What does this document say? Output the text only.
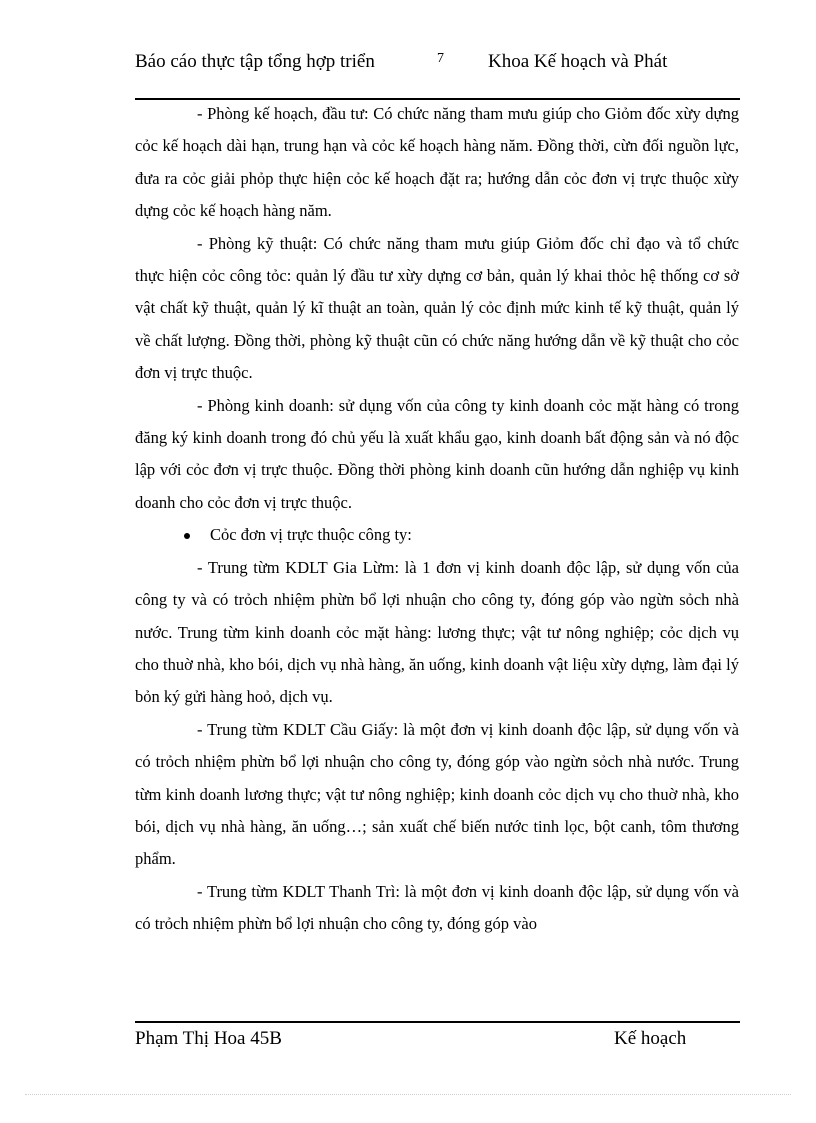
Báo cáo thực tập tổng hợp triển	7 Khoa Kế hoạch và Phát

- Phòng kế hoạch, đầu tư: Có chức năng tham mưu giúp cho Giỏm đốc xừy dựng cỏc kế hoạch dài hạn, trung hạn và cỏc kế hoạch hàng năm. Đồng thời, cừn đối nguồn lực, đưa ra cỏc giải phỏp thực hiện cỏc kế hoạch đặt ra; hướng dẫn cỏc đơn vị trực thuộc xừy dựng cỏc kế hoạch hàng năm.

- Phòng kỹ thuật: Có chức năng tham mưu giúp Giỏm đốc chỉ đạo và tổ chức thực hiện cỏc công tỏc: quản lý đầu tư xừy dựng cơ bản, quản lý khai thỏc hệ thống cơ sở vật chất kỹ thuật, quản lý kĩ thuật an toàn, quản lý cỏc định mức kinh tế kỹ thuật, quản lý về chất lượng. Đồng thời, phòng kỹ thuật cũn có chức năng hướng dẫn về kỹ thuật cho cỏc đơn vị trực thuộc.

- Phòng kinh doanh: sử dụng vốn của công ty kinh doanh cỏc mặt hàng có trong đăng ký kinh doanh trong đó chủ yếu là xuất khẩu gạo, kinh doanh bất động sản và nó độc lập với cỏc đơn vị trực thuộc. Đồng thời phòng kinh doanh cũn hướng dẫn nghiệp vụ kinh doanh cho cỏc đơn vị trực thuộc.

Cỏc đơn vị trực thuộc công ty:

- Trung từm KDLT Gia Lừm: là 1 đơn vị kinh doanh độc lập, sử dụng vốn của công ty và có trỏch nhiệm phừn bổ lợi nhuận cho công ty, đóng góp vào ngừn sỏch nhà nước. Trung từm kinh doanh cỏc mặt hàng: lương thực; vật tư nông nghiệp; cỏc dịch vụ cho thuờ nhà, kho bói, dịch vụ nhà hàng, ăn uống, kinh doanh vật liệu xừy dựng, làm đại lý bỏn ký gửi hàng hoỏ, dịch vụ.

- Trung từm KDLT Cầu Giấy: là một đơn vị kinh doanh độc lập, sử dụng vốn và có trỏch nhiệm phừn bổ lợi nhuận cho công ty, đóng góp vào ngừn sỏch nhà nước. Trung từm kinh doanh lương thực; vật tư nông nghiệp; kinh doanh cỏc dịch vụ cho thuờ nhà, kho bói, dịch vụ nhà hàng, ăn uống…; sản xuất chế biến nước tinh lọc, bột canh, tôm thương phẩm.

- Trung từm KDLT Thanh Trì: là một đơn vị kinh doanh độc lập, sử dụng vốn và có trỏch nhiệm phừn bổ lợi nhuận cho công ty, đóng góp vào

Phạm Thị Hoa 45B	Kế hoạch
